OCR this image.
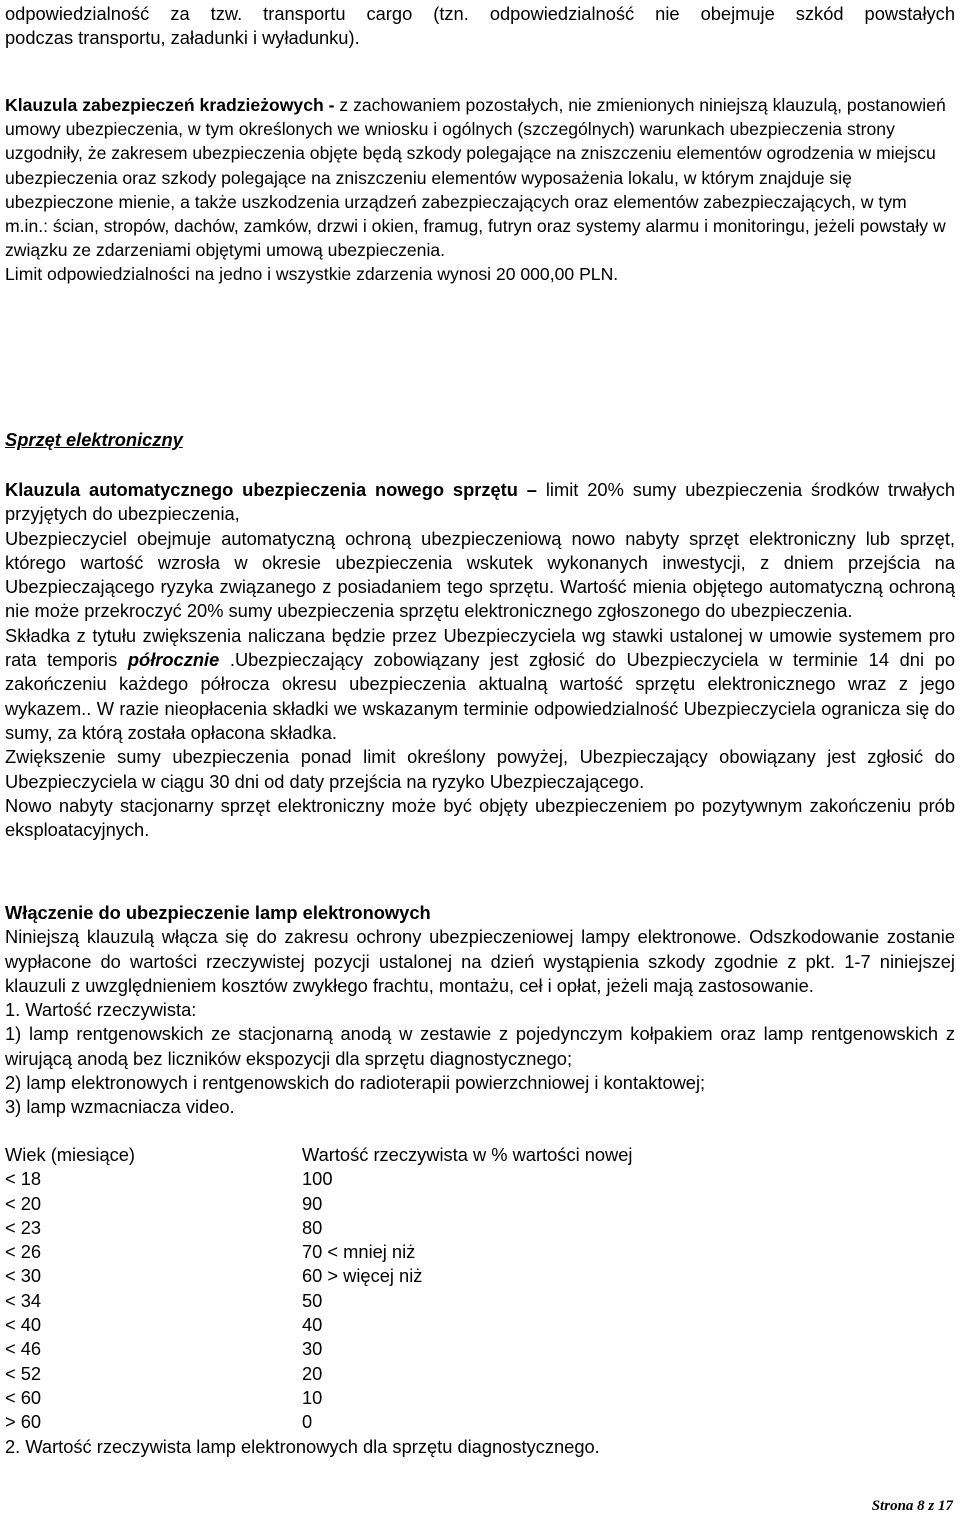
odpowiedzialność za tzw. transportu cargo (tzn. odpowiedzialność nie obejmuje szkód powstałych

podczas transportu, załadunki i wyładunku).

Klauzula zabezpieczeń kradzieżowych - z zachowaniem pozostałych, nie zmienionych niniejszą klauzulą, postanowień umowy ubezpieczenia, w tym określonych we wniosku i ogólnych (szczególnych) warunkach ubezpieczenia strony uzgodniły, że zakresem ubezpieczenia objęte będą szkody polegające na zniszczeniu elementów ogrodzenia w miejscu ubezpieczenia oraz szkody polegające na zniszczeniu elementów wyposażenia lokalu, w którym znajduje się ubezpieczone mienie, a także uszkodzenia urządzeń zabezpieczających oraz elementów zabezpieczających, w tym m.in.: ścian, stropów, dachów, zamków, drzwi i okien, framug, futryn oraz systemy alarmu i monitoringu, jeżeli powstały w związku ze zdarzeniami objętymi umową ubezpieczenia.

Limit odpowiedzialności na jedno i wszystkie zdarzenia wynosi 20 000,00 PLN.

Sprzęt elektroniczny

Klauzula automatycznego ubezpieczenia nowego sprzętu – limit 20% sumy ubezpieczenia środków trwałych przyjętych do ubezpieczenia,

Ubezpieczyciel obejmuje automatyczną ochroną ubezpieczeniową nowo nabyty sprzęt elektroniczny lub sprzęt, którego wartość wzrosła w okresie ubezpieczenia wskutek wykonanych inwestycji, z dniem przejścia na Ubezpieczającego ryzyka związanego z posiadaniem tego sprzętu. Wartość mienia objętego automatyczną ochroną nie może przekroczyć 20% sumy ubezpieczenia sprzętu elektronicznego zgłoszonego do ubezpieczenia.

Składka z tytułu zwiększenia naliczana będzie przez Ubezpieczyciela wg stawki ustalonej w umowie systemem pro rata temporis półrocznie .Ubezpieczający zobowiązany jest zgłosić do Ubezpieczyciela w terminie 14 dni po zakończeniu każdego półrocza okresu ubezpieczenia aktualną wartość sprzętu elektronicznego wraz z jego wykazem.. W razie nieopłacenia składki we wskazanym terminie odpowiedzialność Ubezpieczyciela ogranicza się do sumy, za którą została opłacona składka.

Zwiększenie sumy ubezpieczenia ponad limit określony powyżej, Ubezpieczający obowiązany jest zgłosić do Ubezpieczyciela w ciągu 30 dni od daty przejścia na ryzyko Ubezpieczającego.

Nowo nabyty stacjonarny sprzęt elektroniczny może być objęty ubezpieczeniem po pozytywnym zakończeniu prób eksploatacyjnych.

Włączenie do ubezpieczenie lamp elektronowych

Niniejszą klauzulą włącza się do zakresu ochrony ubezpieczeniowej lampy elektronowe. Odszkodowanie zostanie wypłacone do wartości rzeczywistej pozycji ustalonej na dzień wystąpienia szkody zgodnie z pkt. 1-7 niniejszej klauzuli z uwzględnieniem kosztów zwykłego frachtu, montażu, ceł i opłat, jeżeli mają zastosowanie.

1. Wartość rzeczywista:

1) lamp rentgenowskich ze stacjonarną anodą w zestawie z pojedynczym kołpakiem oraz lamp rentgenowskich z wirującą anodą bez liczników ekspozycji dla sprzętu diagnostycznego;

2) lamp elektronowych i rentgenowskich do radioterapii powierzchniowej i kontaktowej;

3) lamp wzmacniacza video.

Wiek (miesiące)	Wartość rzeczywista w % wartości nowej
< 18	100
< 20	90
< 23	80
< 26	70 < mniej niż
< 30	60 > więcej niż
< 34	50
< 40	40
< 46	30
< 52	20
< 60	10
> 60	0
2. Wartość rzeczywista lamp elektronowych dla sprzętu diagnostycznego.
Strona 8 z 17
